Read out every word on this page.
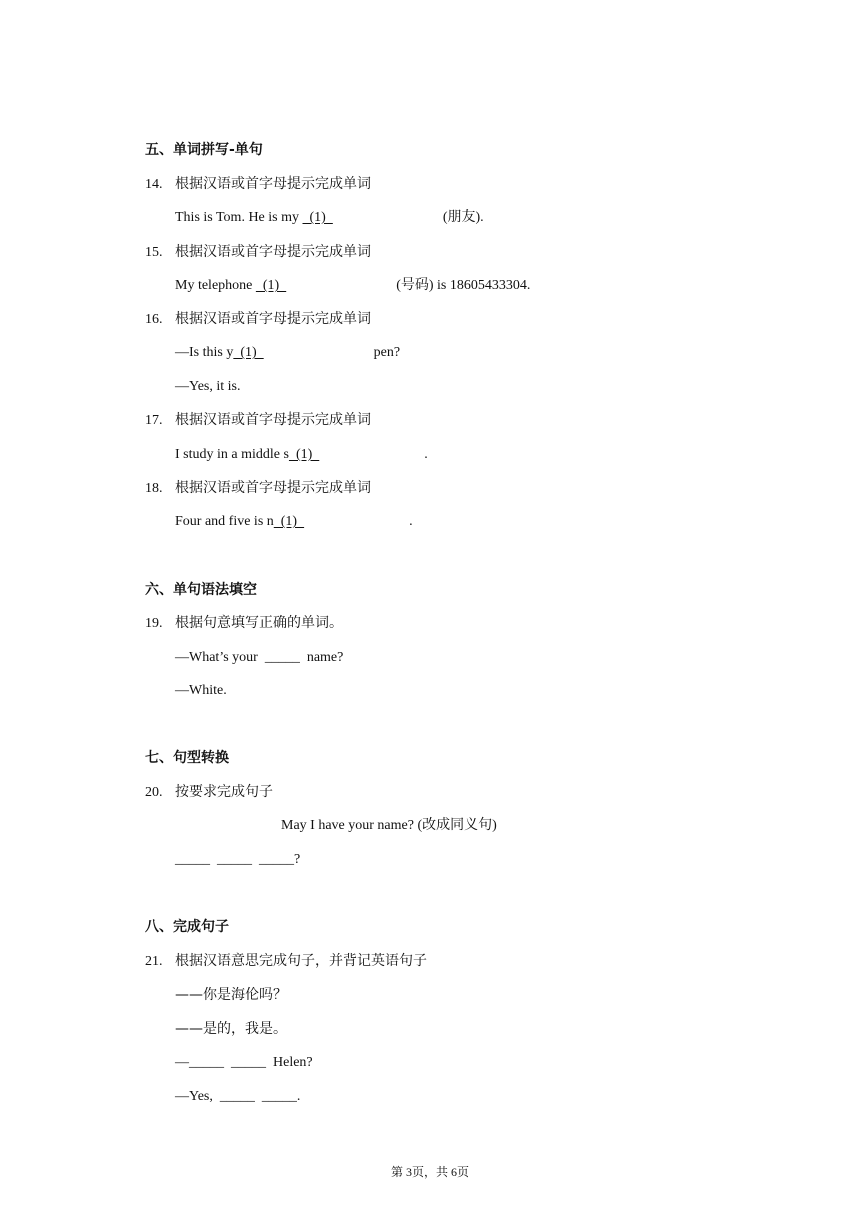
五、单词拼写-单句
14. 根据汉语或首字母提示完成单词
This is Tom. He is my   (1)	(朋友).
15. 根据汉语或首字母提示完成单词
My telephone   (1)	(号码) is 18605433304.
16. 根据汉语或首字母提示完成单词
—Is this y  (1)	pen?
—Yes, it is.
17. 根据汉语或首字母提示完成单词
I study in a middle s  (1)	.
18. 根据汉语或首字母提示完成单词
Four and five is n  (1)	.
六、单句语法填空
19. 根据句意填写正确的单词。
—What’s your  _____  name?
—White.
七、句型转换
20. 按要求完成句子
May I have your name? (改成同义句)
_____  _____  _____?
八、完成句子
21. 根据汉语意思完成句子，并背记英语句子
——你是海伦吗？
——是的，我是。
—_____  _____  Helen?
—Yes,  _____  _____.
第 3页，共 6页
